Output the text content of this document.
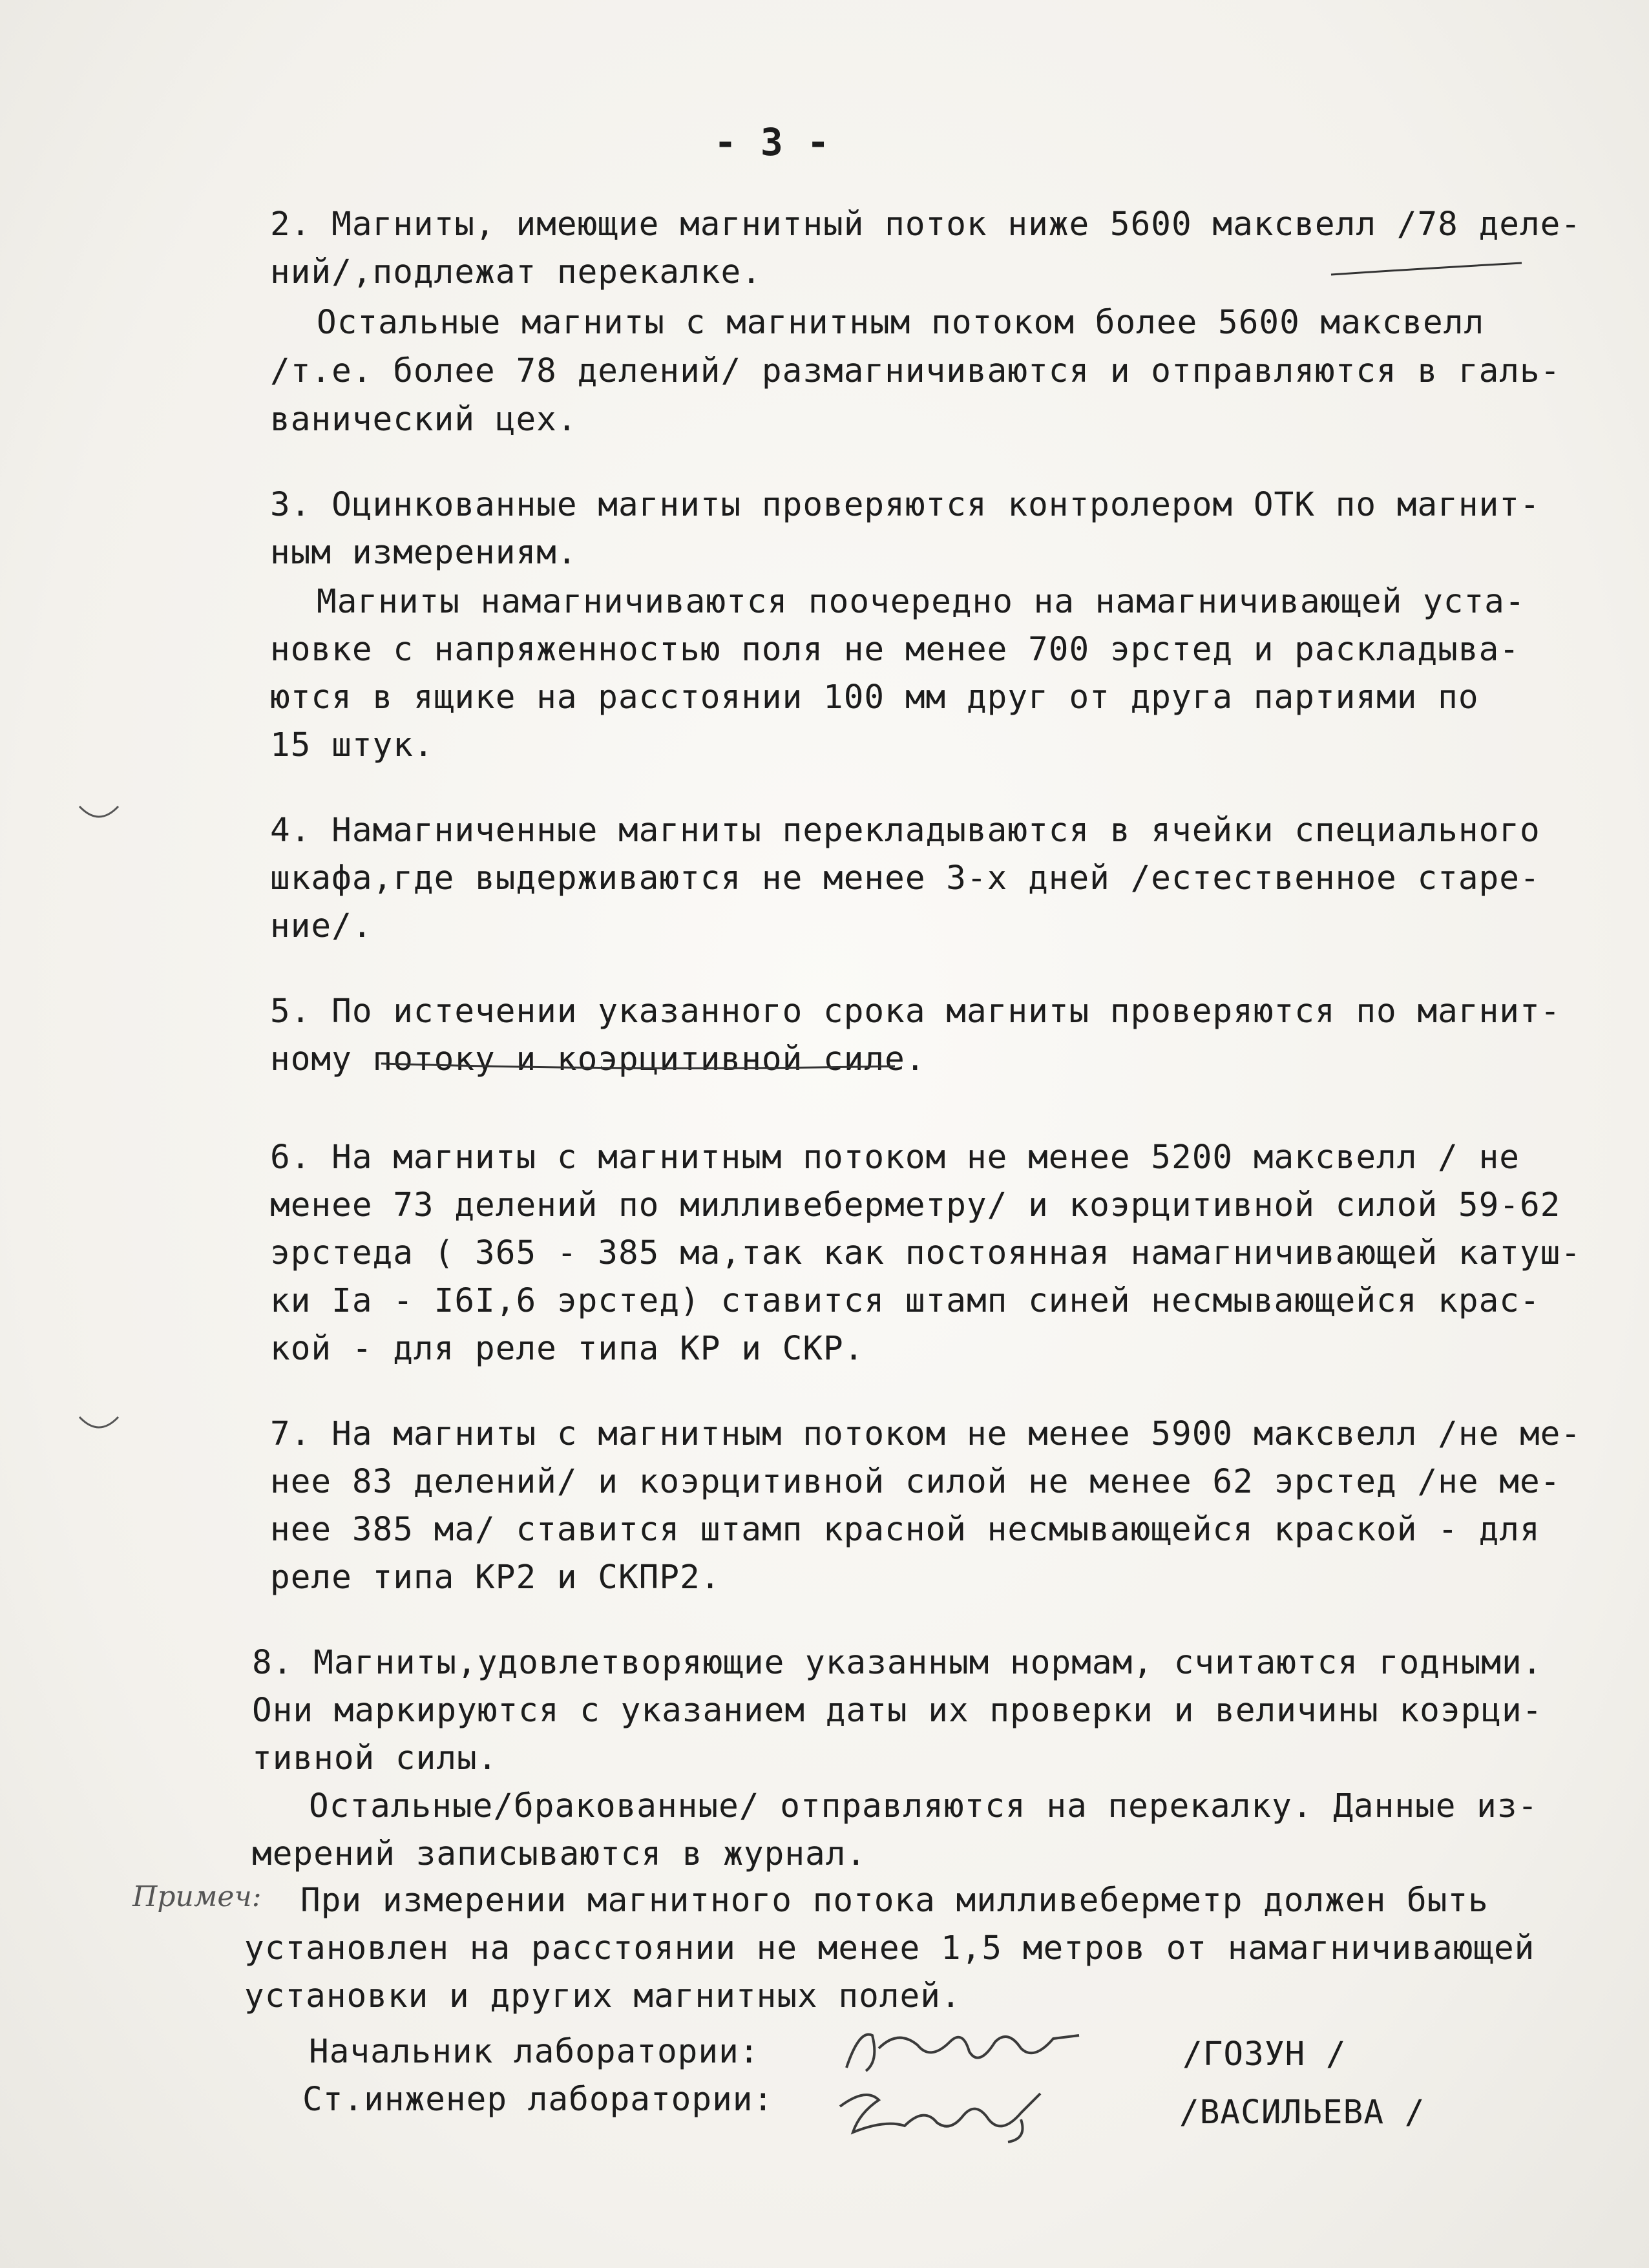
- 3 -
2. Магниты, имеющие магнитный поток ниже 5600 максвелл /78 деле-
ний/,подлежат перекалке.
Остальные магниты с магнитным потоком более 5600 максвелл
/т.е. более 78 делений/ размагничиваются и отправляются в галь-
ванический цех.
3. Оцинкованные магниты проверяются контролером ОТК по магнит-
ным измерениям.
Магниты намагничиваются поочередно на намагничивающей уста-
новке с напряженностью поля не менее 700 эрстед и раскладыва-
ются в ящике на расстоянии 100 мм друг от друга партиями по
15 штук.
4. Намагниченные магниты перекладываются в ячейки специального
шкафа,где выдерживаются не менее 3-х дней /естественное старе-
ние/.
5. По истечении указанного срока магниты проверяются по магнит-
ному потоку и коэрцитивной силе.
6. На магниты с магнитным потоком не менее 5200 максвелл / не
менее 73 делений по милливеберметру/ и коэрцитивной силой 59-62
эрстеда ( 365 - 385 ма,так как постоянная намагничивающей катуш-
ки Iа - I6I,6 эрстед) ставится штамп синей несмывающейся крас-
кой - для реле типа КР и СКР.
7. На магниты с магнитным потоком не менее 5900 максвелл /не ме-
нее 83 делений/ и коэрцитивной силой не менее 62 эрстед /не ме-
нее 385 ма/ ставится штамп красной несмывающейся краской - для
реле типа КР2 и СКПР2.
8. Магниты,удовлетворяющие указанным нормам, считаются годными.
Они маркируются с указанием даты их проверки и величины коэрци-
тивной силы.
Остальные/бракованные/ отправляются на перекалку. Данные из-
мерений записываются в журнал.
Примеч: При измерении магнитного потока милливеберметр должен быть
установлен на расстоянии не менее 1,5 метров от намагничивающей
установки и других магнитных полей.
Начальник лаборатории:	/ГОЗУН /
Ст.инженер лаборатории:	/ВАСИЛЬЕВА /
